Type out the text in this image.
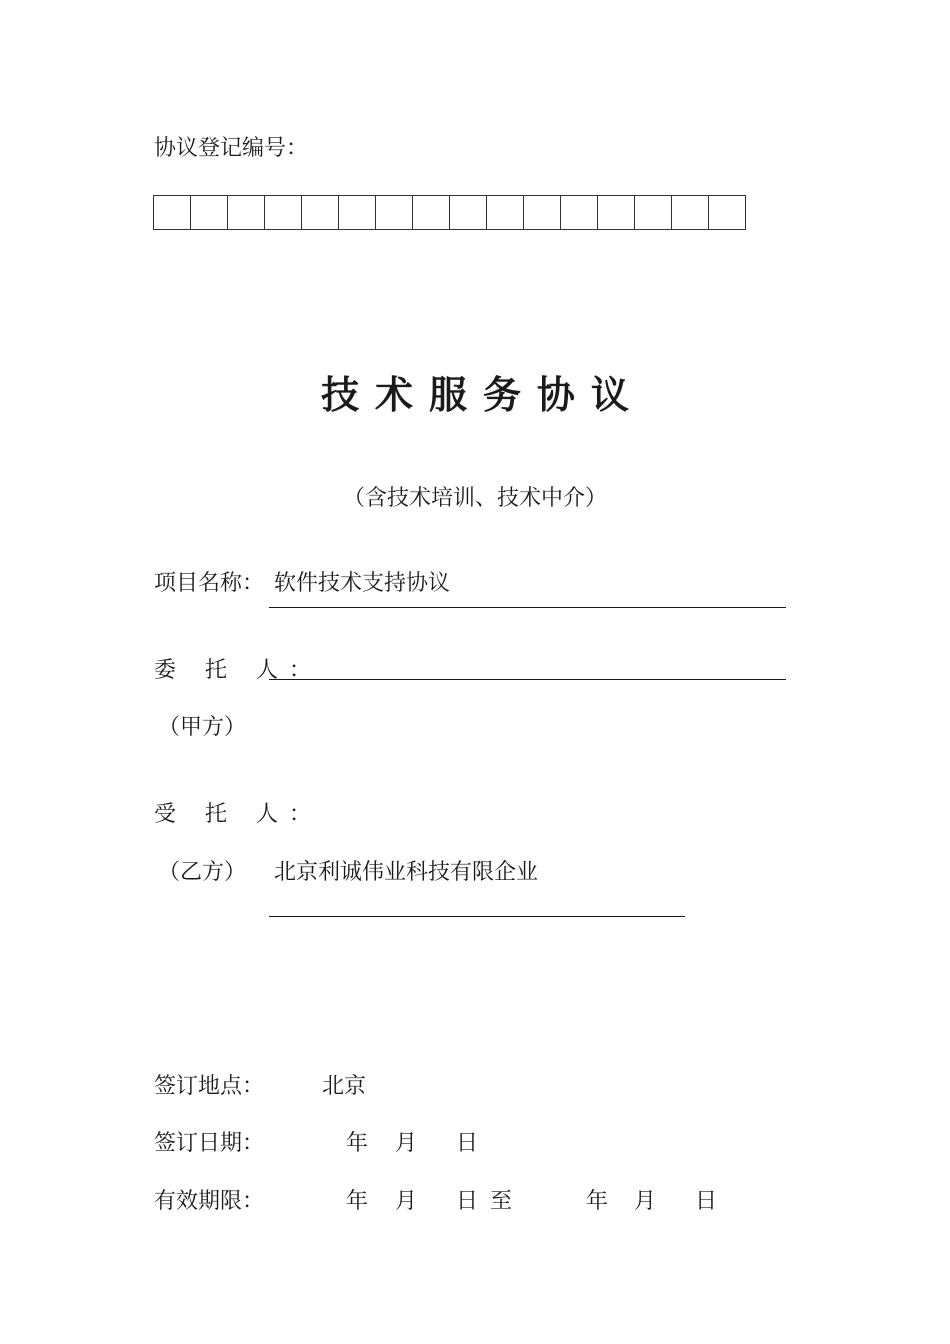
协议登记编号：
技术服务协议
（含技术培训、技术中介）
项目名称： 软件技术支持协议
委 托 人：
（甲方）
受 托 人：
（乙方） 北京利诚伟业科技有限企业
签订地点：	北京
签订日期：	年 月 日
有效期限：	年 月 日 至	年 月 日
